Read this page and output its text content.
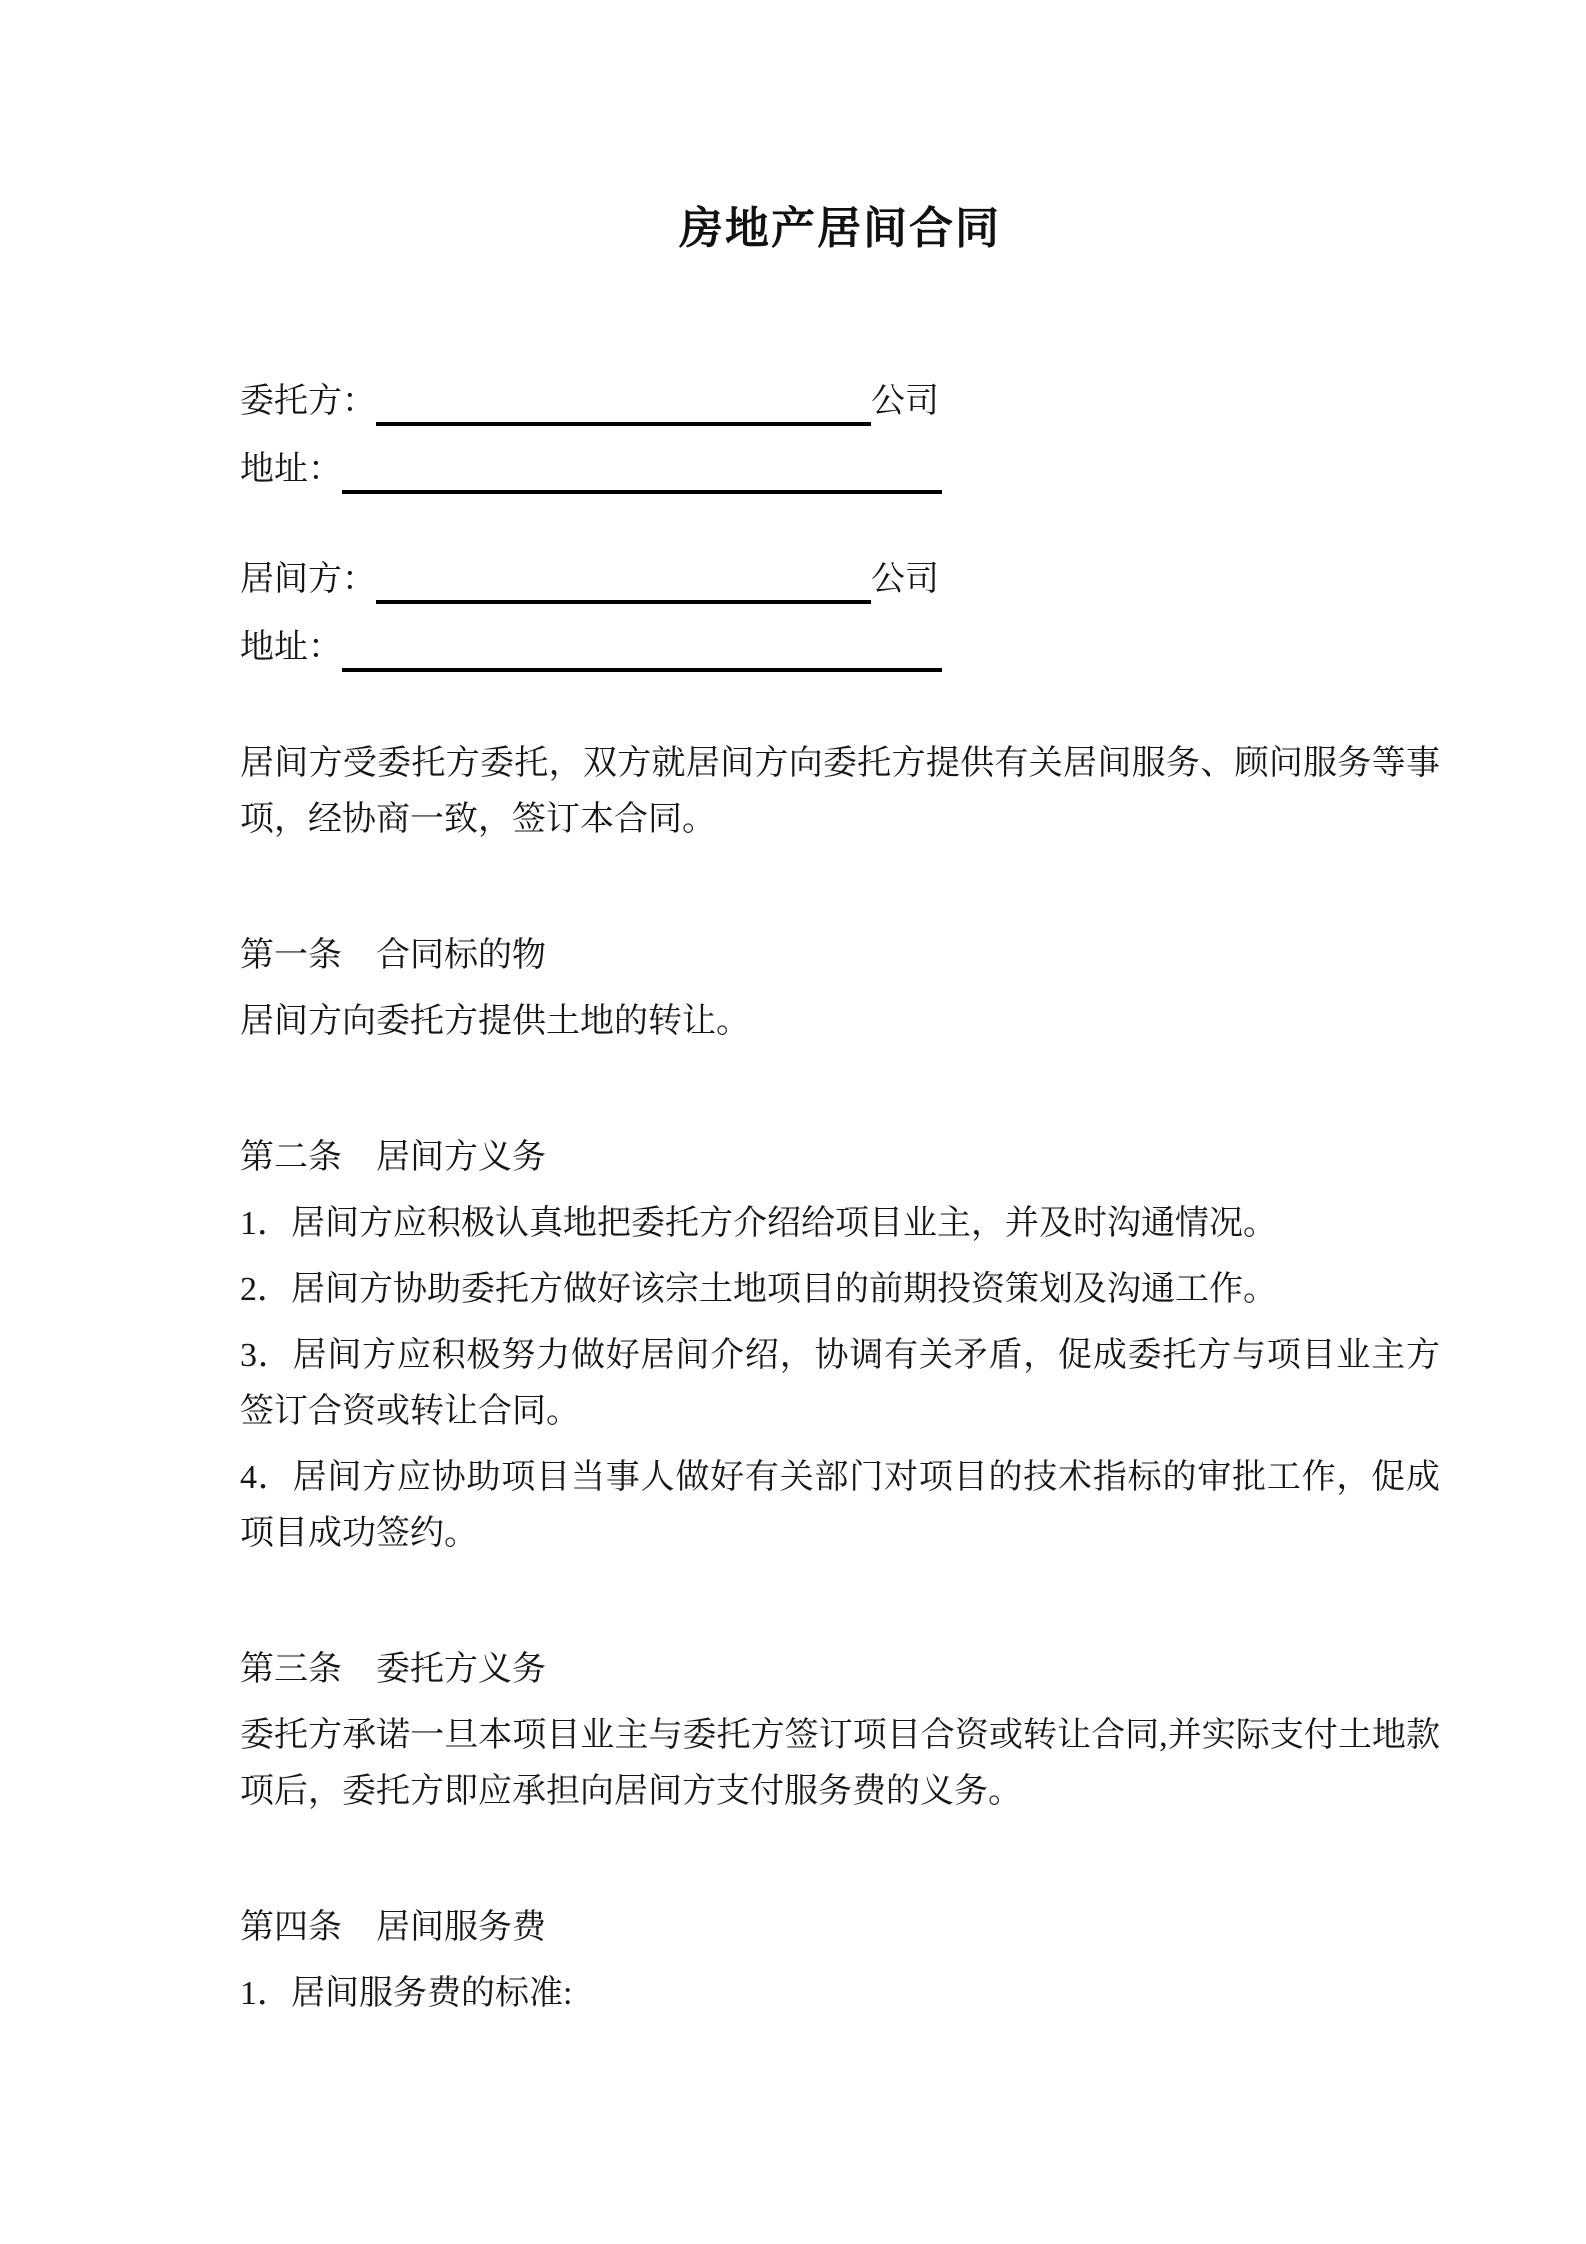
房地产居间合同
委托方：	公司
地址：
居间方：	公司
地址：

居间方受委托方委托，双方就居间方向委托方提供有关居间服务、顾问服务等事项，经协商一致，签订本合同。

第一条　合同标的物

居间方向委托方提供土地的转让。

第二条　居间方义务

1．居间方应积极认真地把委托方介绍给项目业主，并及时沟通情况。

2．居间方协助委托方做好该宗土地项目的前期投资策划及沟通工作。

3．居间方应积极努力做好居间介绍，协调有关矛盾，促成委托方与项目业主方签订合资或转让合同。

4．居间方应协助项目当事人做好有关部门对项目的技术指标的审批工作，促成项目成功签约。

第三条　委托方义务

委托方承诺一旦本项目业主与委托方签订项目合资或转让合同,并实际支付土地款项后，委托方即应承担向居间方支付服务费的义务。

第四条　居间服务费

1．居间服务费的标准:
